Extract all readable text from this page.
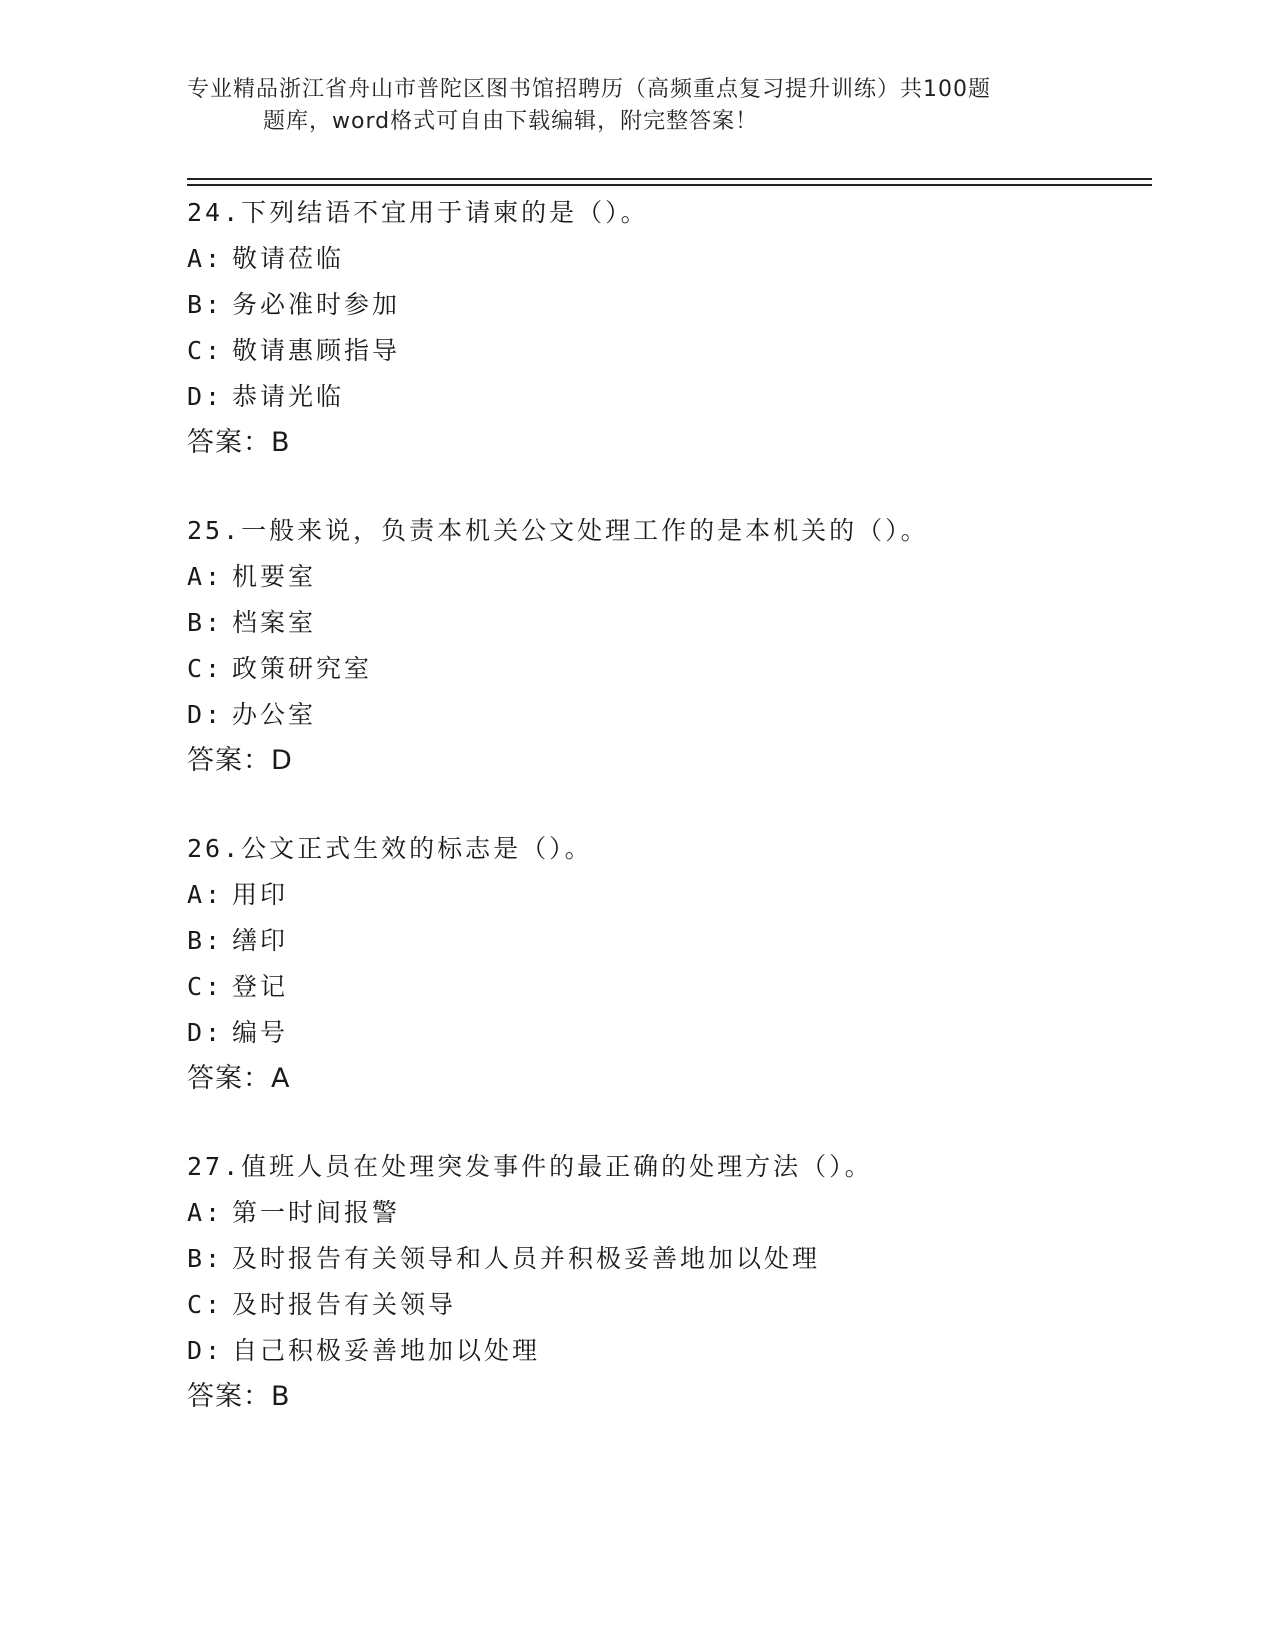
专业精品浙江省舟山市普陀区图书馆招聘历（高频重点复习提升训练）共100题
题库，word格式可自由下载编辑，附完整答案！
24.下列结语不宜用于请柬的是（）。
A: 敬请莅临
B: 务必准时参加
C: 敬请惠顾指导
D: 恭请光临
答案：B
25.一般来说，负责本机关公文处理工作的是本机关的（）。
A: 机要室
B: 档案室
C: 政策研究室
D: 办公室
答案：D
26.公文正式生效的标志是（）。
A: 用印
B: 缮印
C: 登记
D: 编号
答案：A
27.值班人员在处理突发事件的最正确的处理方法（）。
A: 第一时间报警
B: 及时报告有关领导和人员并积极妥善地加以处理
C: 及时报告有关领导
D: 自己积极妥善地加以处理
答案：B
